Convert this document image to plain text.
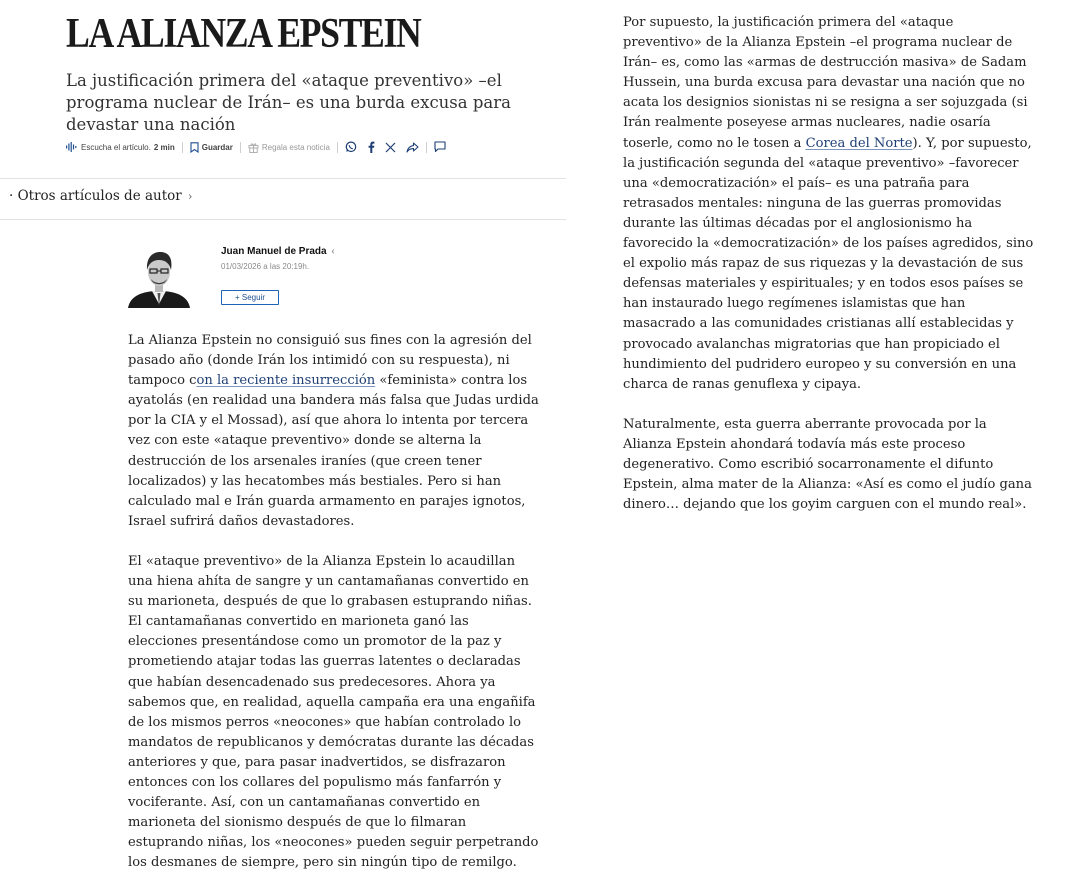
LA ALIANZA EPSTEIN

La justificación primera del «ataque preventivo» –el programa nuclear de Irán– es una burda excusa para devastar una nación

Escucha el artículo. 2 min	Guardar	Regala esta noticia
· Otros artículos de autor ›
Juan Manuel de Prada ‹
01/03/2026 a las 20:19h.
+ Seguir

La Alianza Epstein no consiguió sus fines con la agresión del pasado año (donde Irán los intimidó con su respuesta), ni tampoco con la reciente insurrección «feminista» contra los ayatolás (en realidad una bandera más falsa que Judas urdida por la CIA y el Mossad), así que ahora lo intenta por tercera vez con este «ataque preventivo» donde se alterna la destrucción de los arsenales iraníes (que creen tener localizados) y las hecatombes más bestiales. Pero si han calculado mal e Irán guarda armamento en parajes ignotos, Israel sufrirá daños devastadores.

El «ataque preventivo» de la Alianza Epstein lo acaudillan una hiena ahíta de sangre y un cantamañanas convertido en su marioneta, después de que lo grabasen estuprando niñas. El cantamañanas convertido en marioneta ganó las elecciones presentándose como un promotor de la paz y prometiendo atajar todas las guerras latentes o declaradas que habían desencadenado sus predecesores. Ahora ya sabemos que, en realidad, aquella campaña era una engañifa de los mismos perros «neocones» que habían controlado lo mandatos de republicanos y demócratas durante las décadas anteriores y que, para pasar inadvertidos, se disfrazaron entonces con los collares del populismo más fanfarrón y vociferante. Así, con un cantamañanas convertido en marioneta del sionismo después de que lo filmaran estuprando niñas, los «neocones» pueden seguir perpetrando los desmanes de siempre, pero sin ningún tipo de remilgo.

Por supuesto, la justificación primera del «ataque preventivo» de la Alianza Epstein –el programa nuclear de Irán– es, como las «armas de destrucción masiva» de Sadam Hussein, una burda excusa para devastar una nación que no acata los designios sionistas ni se resigna a ser sojuzgada (si Irán realmente poseyese armas nucleares, nadie osaría toserle, como no le tosen a Corea del Norte). Y, por supuesto, la justificación segunda del «ataque preventivo» –favorecer una «democratización» el país– es una patraña para retrasados mentales: ninguna de las guerras promovidas durante las últimas décadas por el anglosionismo ha favorecido la «democratización» de los países agredidos, sino el expolio más rapaz de sus riquezas y la devastación de sus defensas materiales y espirituales; y en todos esos países se han instaurado luego regímenes islamistas que han masacrado a las comunidades cristianas allí establecidas y provocado avalanchas migratorias que han propiciado el hundimiento del pudridero europeo y su conversión en una charca de ranas genuflexa y cipaya.

Naturalmente, esta guerra aberrante provocada por la Alianza Epstein ahondará todavía más este proceso degenerativo. Como escribió socarronamente el difunto Epstein, alma mater de la Alianza: «Así es como el judío gana dinero… dejando que los goyim carguen con el mundo real».
